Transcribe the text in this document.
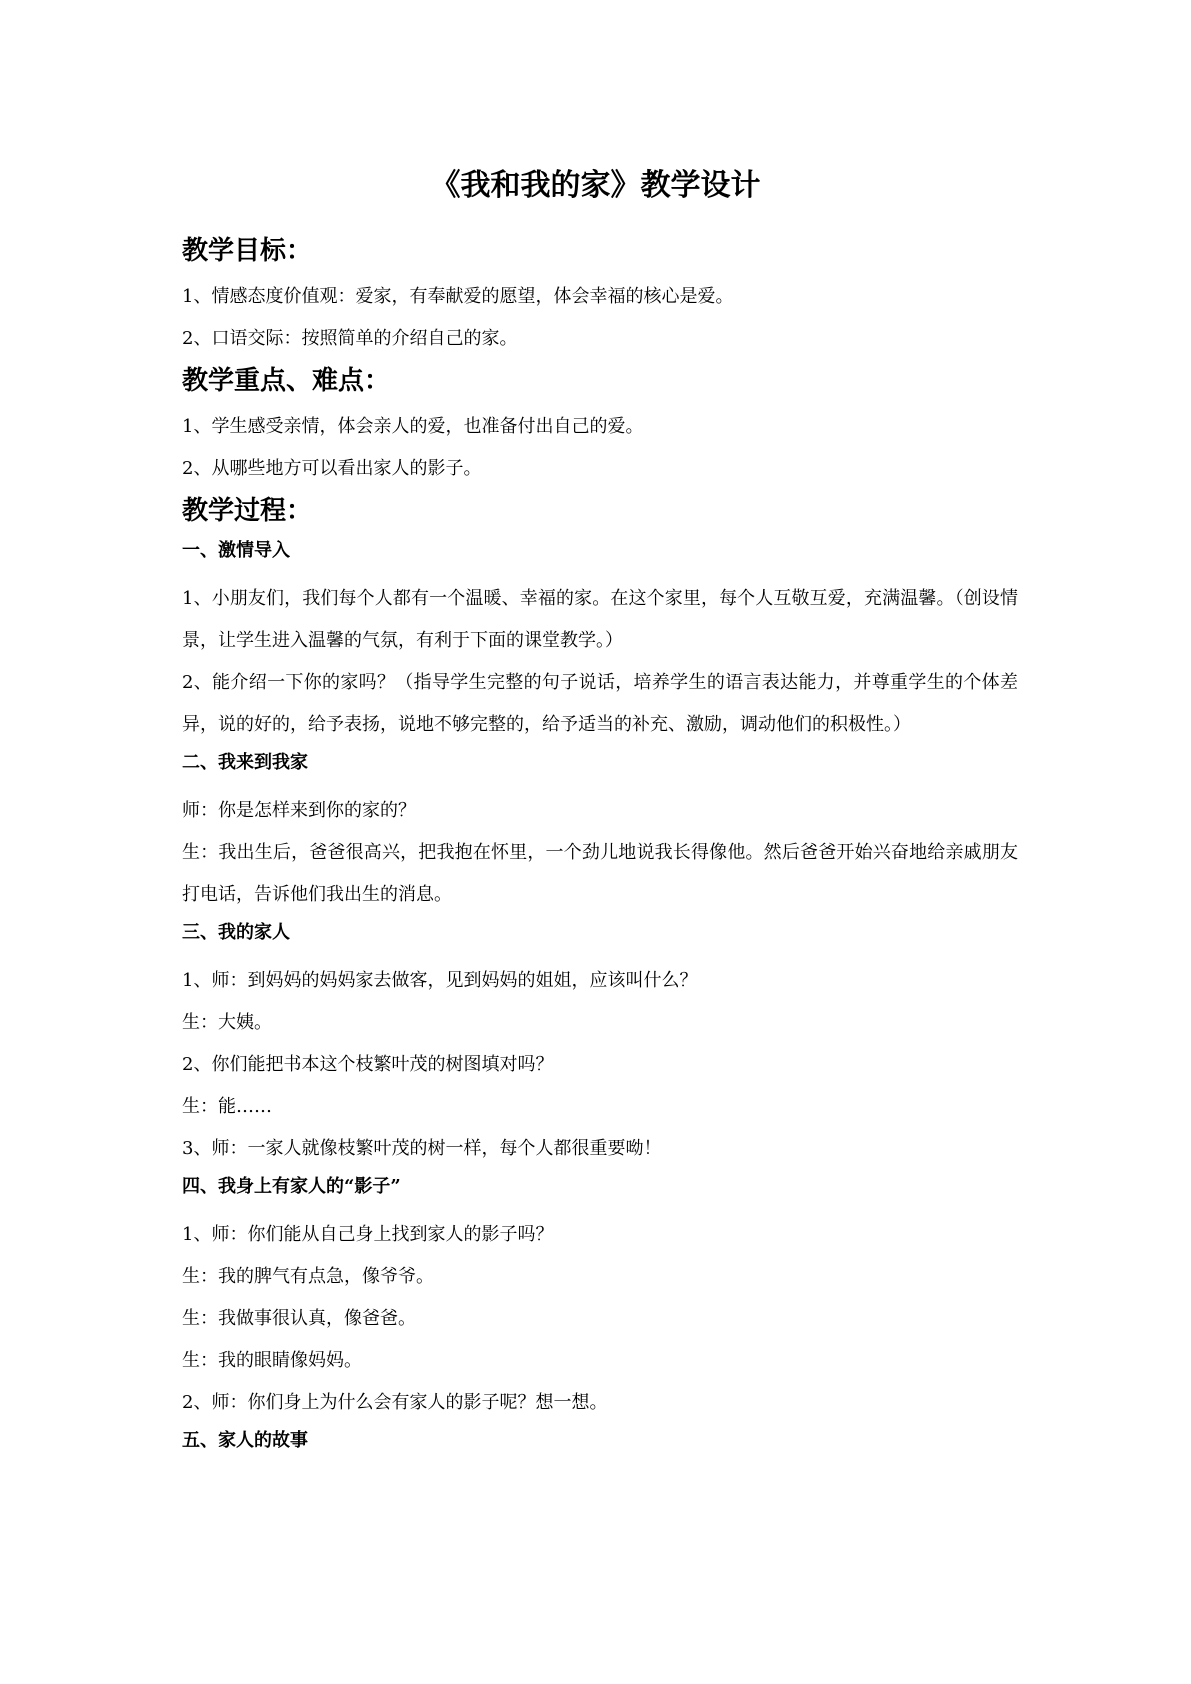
《我和我的家》教学设计
教学目标：

1、情感态度价值观：爱家，有奉献爱的愿望，体会幸福的核心是爱。

2、口语交际：按照简单的介绍自己的家。

教学重点、难点：

1、学生感受亲情，体会亲人的爱，也准备付出自己的爱。

2、从哪些地方可以看出家人的影子。

教学过程：
一、激情导入

1、小朋友们，我们每个人都有一个温暖、幸福的家。在这个家里，每个人互敬互爱，充满温馨。（创设情景，让学生进入温馨的气氛，有利于下面的课堂教学。）

2、能介绍一下你的家吗？（指导学生完整的句子说话，培养学生的语言表达能力，并尊重学生的个体差异，说的好的，给予表扬，说地不够完整的，给予适当的补充、激励，调动他们的积极性。）

二、我来到我家

师：你是怎样来到你的家的？

生：我出生后，爸爸很高兴，把我抱在怀里，一个劲儿地说我长得像他。然后爸爸开始兴奋地给亲戚朋友打电话，告诉他们我出生的消息。

三、我的家人

1、师：到妈妈的妈妈家去做客，见到妈妈的姐姐，应该叫什么？

生：大姨。

2、你们能把书本这个枝繁叶茂的树图填对吗？

生：能……

3、师：一家人就像枝繁叶茂的树一样，每个人都很重要呦！

四、我身上有家人的“影子”

1、师：你们能从自己身上找到家人的影子吗？

生：我的脾气有点急，像爷爷。

生：我做事很认真，像爸爸。

生：我的眼睛像妈妈。

2、师：你们身上为什么会有家人的影子呢？想一想。

五、家人的故事
